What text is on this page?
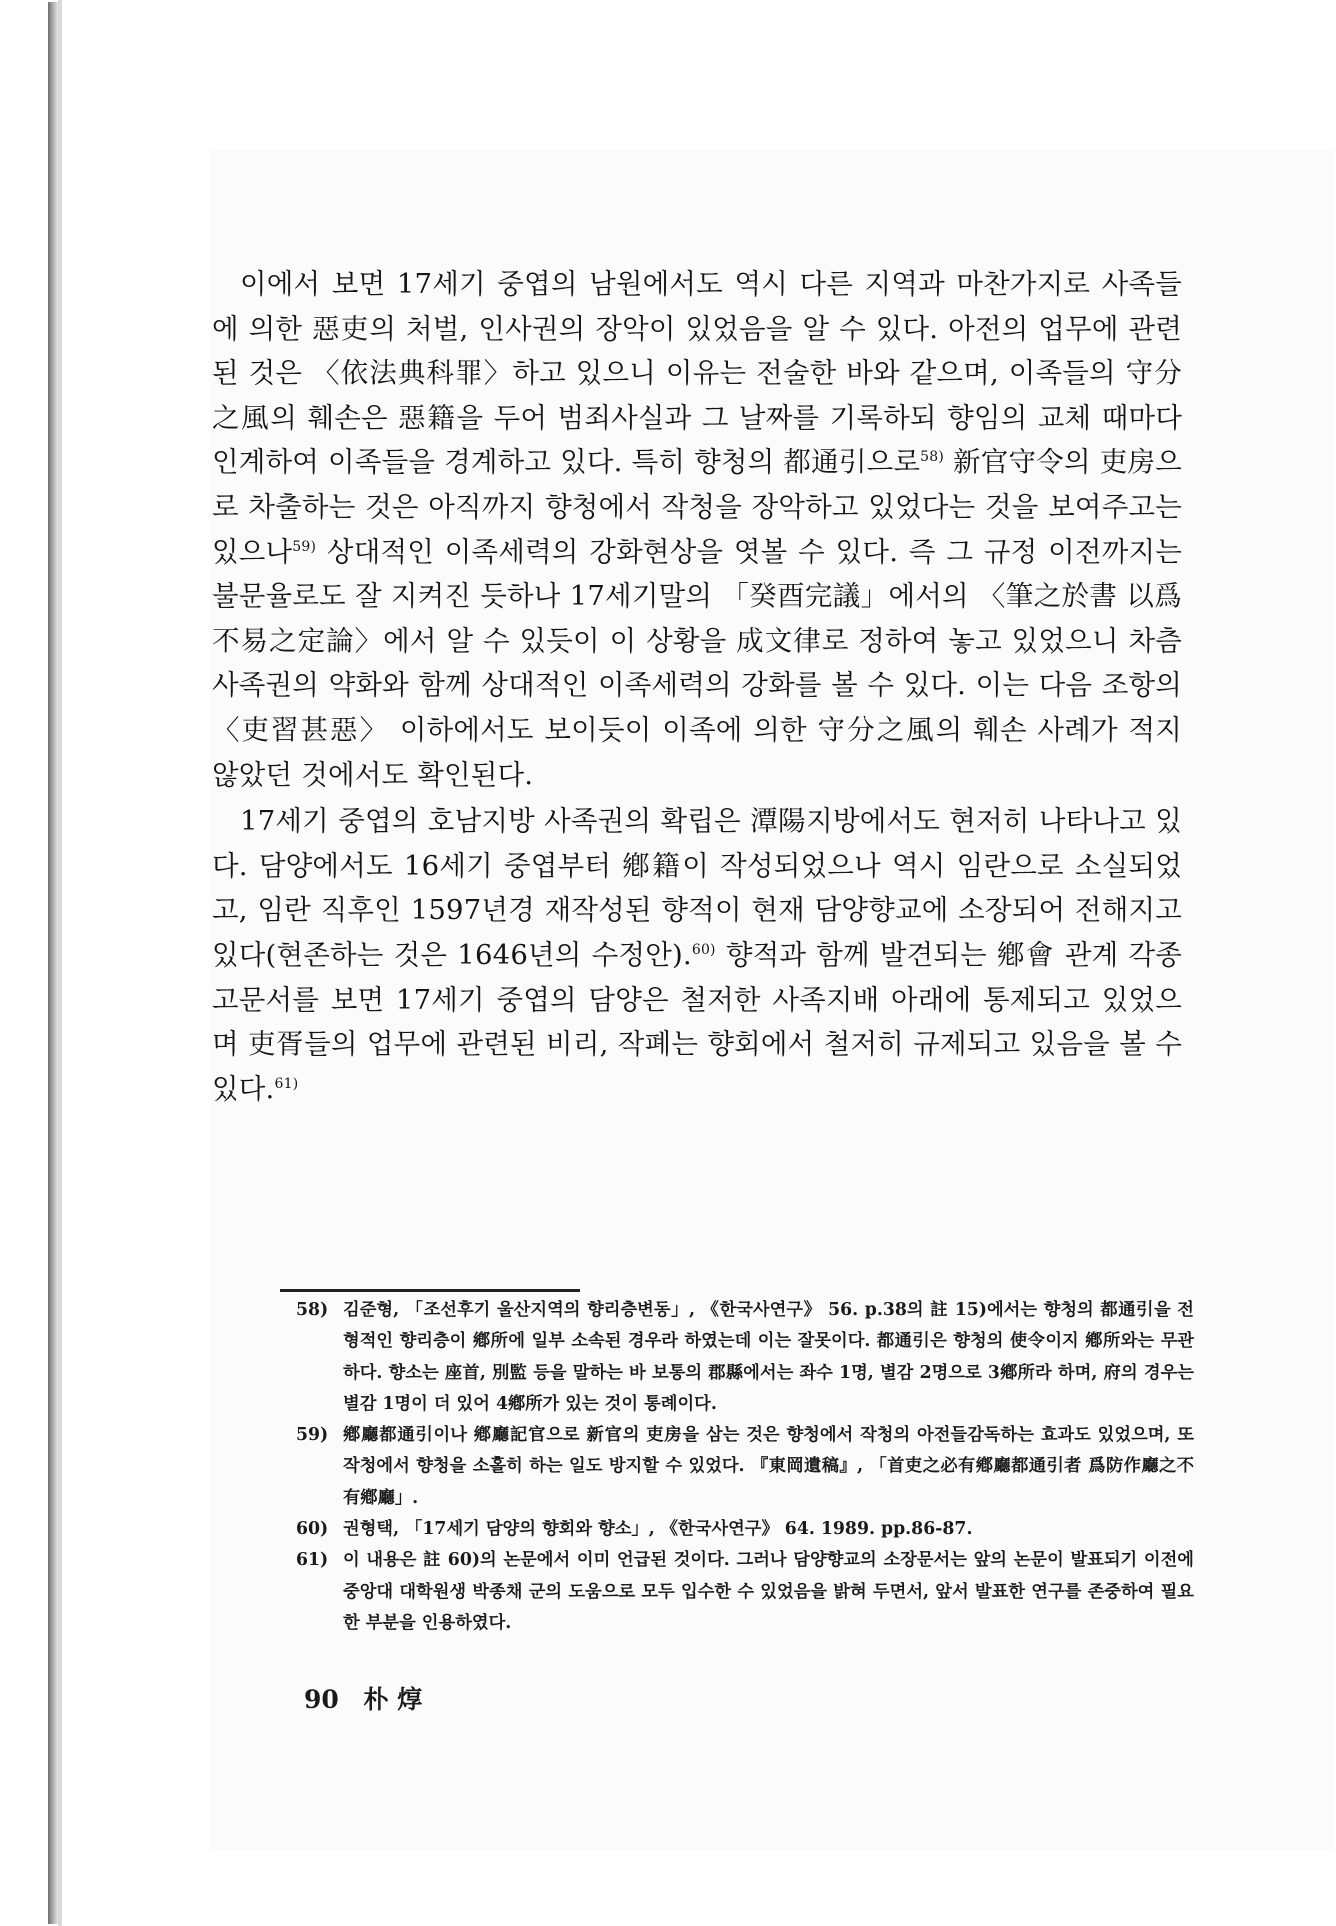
이에서 보면 17세기 중엽의 남원에서도 역시 다른 지역과 마찬가지로 사족들에 의한 惡吏의 처벌, 인사권의 장악이 있었음을 알 수 있다. 아전의 업무에 관련된 것은 〈依法典科罪〉하고 있으니 이유는 전술한 바와 같으며, 이족들의 守分之風의 훼손은 惡籍을 두어 범죄사실과 그 날짜를 기록하되 향임의 교체 때마다 인계하여 이족들을 경계하고 있다. 특히 향청의 都通引으로$^{58)}$ 新官守令의 吏房으로 차출하는 것은 아직까지 향청에서 작청을 장악하고 있었다는 것을 보여주고는 있으나$^{59)}$ 상대적인 이족세력의 강화현상을 엿볼 수 있다. 즉 그 규정 이전까지는 불문율로도 잘 지켜진 듯하나 17세기말의 「癸酉完議」에서의 〈筆之於書 以爲不易之定論〉에서 알 수 있듯이 이 상황을 成文律로 정하여 놓고 있었으니 차츰 사족권의 약화와 함께 상대적인 이족세력의 강화를 볼 수 있다. 이는 다음 조항의 〈吏習甚惡〉 이하에서도 보이듯이 이족에 의한 守分之風의 훼손 사례가 적지 않았던 것에서도 확인된다.

17세기 중엽의 호남지방 사족권의 확립은 潭陽지방에서도 현저히 나타나고 있다. 담양에서도 16세기 중엽부터 鄕籍이 작성되었으나 역시 임란으로 소실되었고, 임란 직후인 1597년경 재작성된 향적이 현재 담양향교에 소장되어 전해지고 있다(현존하는 것은 1646년의 수정안).$^{60)}$ 향적과 함께 발견되는 鄕會 관계 각종 고문서를 보면 17세기 중엽의 담양은 철저한 사족지배 아래에 통제되고 있었으며 吏胥들의 업무에 관련된 비리, 작폐는 향회에서 철저히 규제되고 있음을 볼 수 있다.$^{61)}$

58) 김준형, 「조선후기 울산지역의 향리층변동」, 《한국사연구》 56. p.38의 註 15)에서는 향청의 都通引을 전형적인 향리층이 鄕所에 일부 소속된 경우라 하였는데 이는 잘못이다. 都通引은 향청의 使令이지 鄕所와는 무관하다. 향소는 座首, 別監 등을 말하는 바 보통의 郡縣에서는 좌수 1명, 별감 2명으로 3鄕所라 하며, 府의 경우는 별감 1명이 더 있어 4鄕所가 있는 것이 통례이다.
59) 鄕廳都通引이나 鄕廳記官으로 新官의 吏房을 삼는 것은 향청에서 작청의 아전들감독하는 효과도 있었으며, 또 작청에서 향청을 소홀히 하는 일도 방지할 수 있었다. 『東岡遺稿』, 「首吏之必有鄕廳都通引者 爲防作廳之不有鄕廳」.
60) 권형택, 「17세기 담양의 향회와 향소」, 《한국사연구》 64. 1989. pp.86-87.
61) 이 내용은 註 60)의 논문에서 이미 언급된 것이다. 그러나 담양향교의 소장문서는 앞의 논문이 발표되기 이전에 중앙대 대학원생 박종채 군의 도움으로 모두 입수한 수 있었음을 밝혀 두면서, 앞서 발표한 연구를 존중하여 필요한 부분을 인용하였다.
90 朴 焞
